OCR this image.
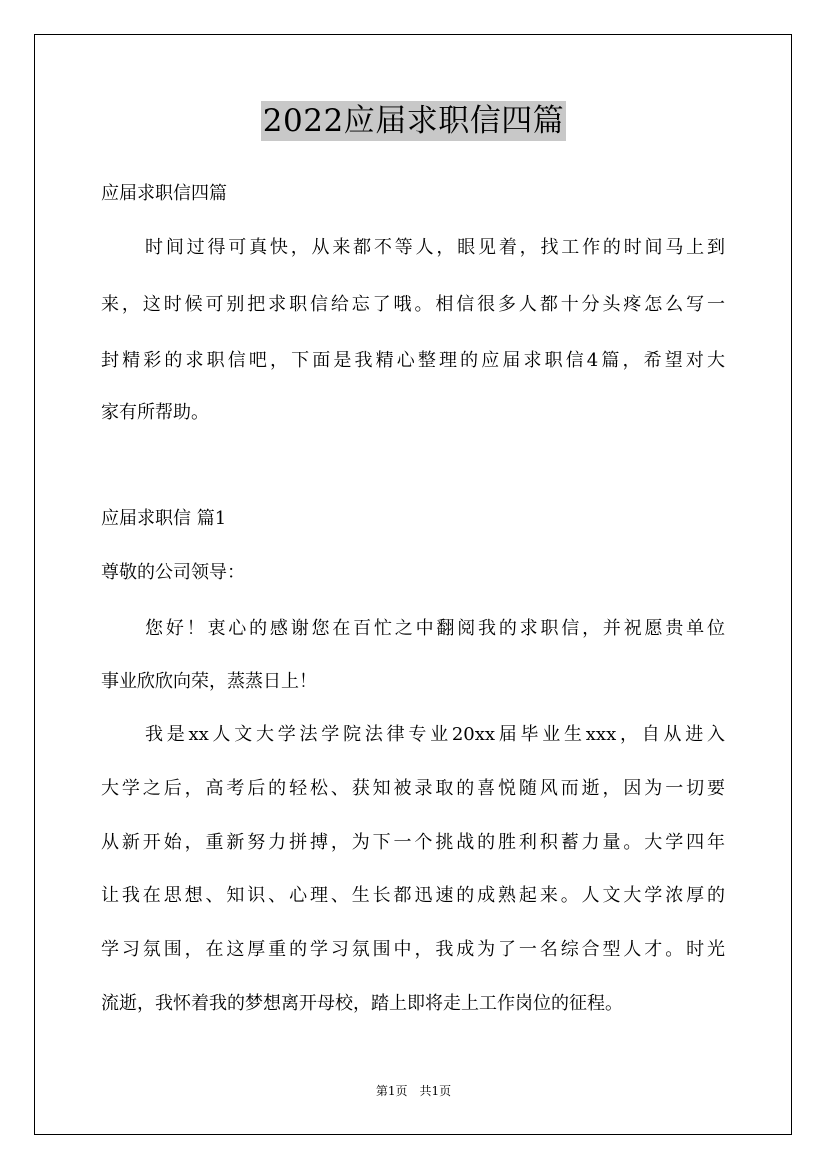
2022应届求职信四篇
应届求职信四篇
时间过得可真快，从来都不等人，眼见着，找工作的时间马上到
来，这时候可别把求职信给忘了哦。相信很多人都十分头疼怎么写一
封精彩的求职信吧，下面是我精心整理的应届求职信4篇，希望对大
家有所帮助。
应届求职信 篇1
尊敬的公司领导：
您好！衷心的感谢您在百忙之中翻阅我的求职信，并祝愿贵单位
事业欣欣向荣，蒸蒸日上！
我是xx人文大学法学院法律专业20xx届毕业生xxx，自从进入
大学之后，高考后的轻松、获知被录取的喜悦随风而逝，因为一切要
从新开始，重新努力拼搏，为下一个挑战的胜利积蓄力量。大学四年
让我在思想、知识、心理、生长都迅速的成熟起来。人文大学浓厚的
学习氛围，在这厚重的学习氛围中，我成为了一名综合型人才。时光
流逝，我怀着我的梦想离开母校，踏上即将走上工作岗位的征程。
第1页　共1页
